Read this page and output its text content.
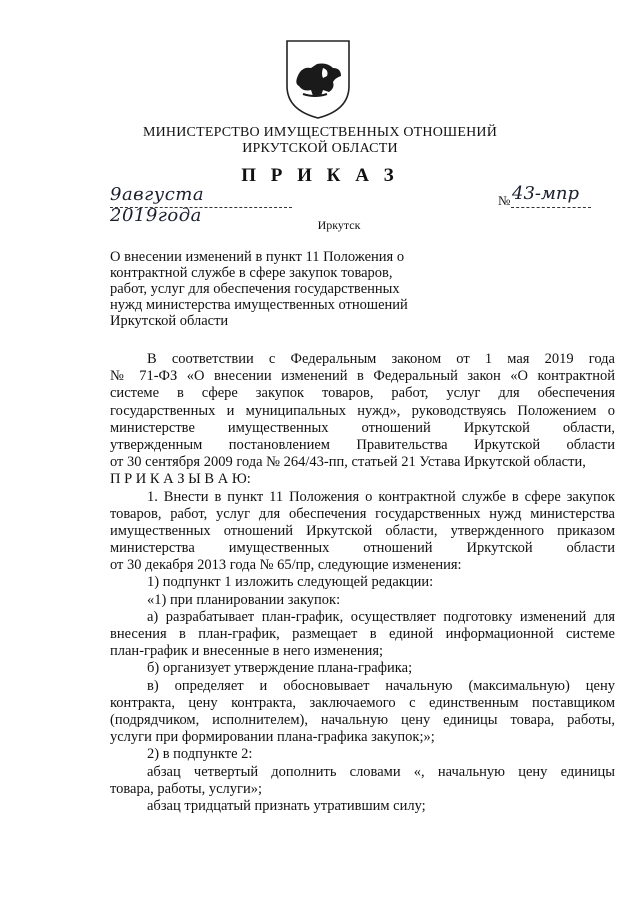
МИНИСТЕРСТВО ИМУЩЕСТВЕННЫХ ОТНОШЕНИЙ
ИРКУТСКОЙ ОБЛАСТИ
П Р И К А З
9августа 2019года
№ 43-мпр
Иркутск
О внесении изменений в пункт 11 Положения о
контрактной службе в сфере закупок товаров,
работ, услуг для обеспечения государственных
нужд министерства имущественных отношений
Иркутской области
В соответствии с Федеральным законом от 1 мая 2019 года
№ 71-ФЗ «О внесении изменений в Федеральный закон «О контрактной
системе в сфере закупок товаров, работ, услуг для обеспечения
государственных и муниципальных нужд», руководствуясь Положением о
министерстве имущественных отношений Иркутской области,
утвержденным постановлением Правительства Иркутской области
от 30 сентября 2009 года № 264/43-пп, статьей 21 Устава Иркутской области,
П Р И К А З Ы В А Ю:
1. Внести в пункт 11 Положения о контрактной службе в сфере закупок
товаров, работ, услуг для обеспечения государственных нужд министерства
имущественных отношений Иркутской области, утвержденного приказом
министерства имущественных отношений Иркутской области
от 30 декабря 2013 года № 65/пр, следующие изменения:
1) подпункт 1 изложить следующей редакции:
«1) при планировании закупок:
а) разрабатывает план-график, осуществляет подготовку изменений для
внесения в план-график, размещает в единой информационной системе
план-график и внесенные в него изменения;
б) организует утверждение плана-графика;
в) определяет и обосновывает начальную (максимальную) цену
контракта, цену контракта, заключаемого с единственным поставщиком
(подрядчиком, исполнителем), начальную цену единицы товара, работы,
услуги при формировании плана-графика закупок;»;
2) в подпункте 2:
абзац четвертый дополнить словами «, начальную цену единицы
товара, работы, услуги»;
абзац тридцатый признать утратившим силу;
